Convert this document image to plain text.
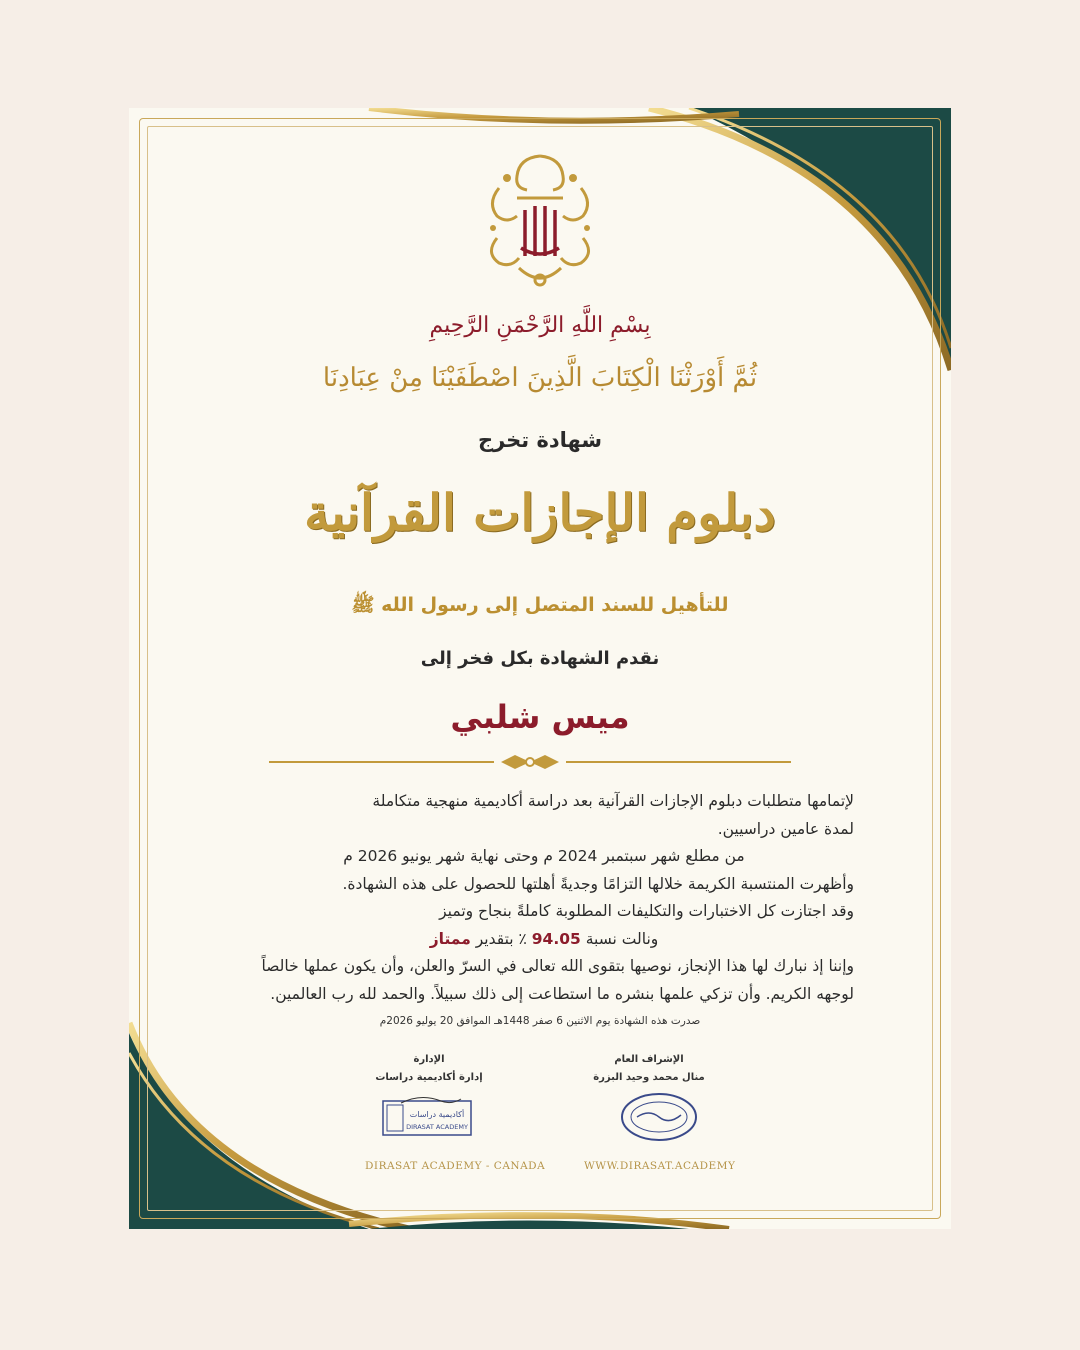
بِسْمِ اللَّهِ الرَّحْمَنِ الرَّحِيمِ
ثُمَّ أَوْرَثْنَا الْكِتَابَ الَّذِينَ اصْطَفَيْنَا مِنْ عِبَادِنَا
شهادة تخرج
دبلوم الإجازات القرآنية
للتأهيل للسند المتصل إلى رسول الله ﷺ
نقدم الشهادة بكل فخر إلى
ميس شلبي

لإتمامها متطلبات دبلوم الإجازات القرآنية بعد دراسة أكاديمية منهجية متكاملة

لمدة عامين دراسيين.

من مطلع شهر سبتمبر 2024 م وحتى نهاية شهر يونيو 2026 م

وأظهرت المنتسبة الكريمة خلالها التزامًا وجديةً أهلتها للحصول على هذه الشهادة.

وقد اجتازت كل الاختبارات والتكليفات المطلوبة كاملةً بنجاح وتميز

ونالت نسبة 94.05 ٪ بتقدير ممتاز

وإننا إذ نبارك لها هذا الإنجاز، نوصيها بتقوى الله تعالى في السرّ والعلن، وأن يكون عملها خالصاً

لوجهه الكريم. وأن تزكي علمها بنشره ما استطاعت إلى ذلك سبيلاً. والحمد لله رب العالمين.

صدرت هذه الشهادة يوم الاثنين 6 صفر 1448هـ الموافق 20 يوليو 2026م
الإشراف العام
منال محمد وحيد البزرة
الإدارة
إدارة أكاديمية دراسات
أكاديمية دراسات
DIRASAT ACADEMY
DIRASAT ACADEMY - CANADA	WWW.DIRASAT.ACADEMY
